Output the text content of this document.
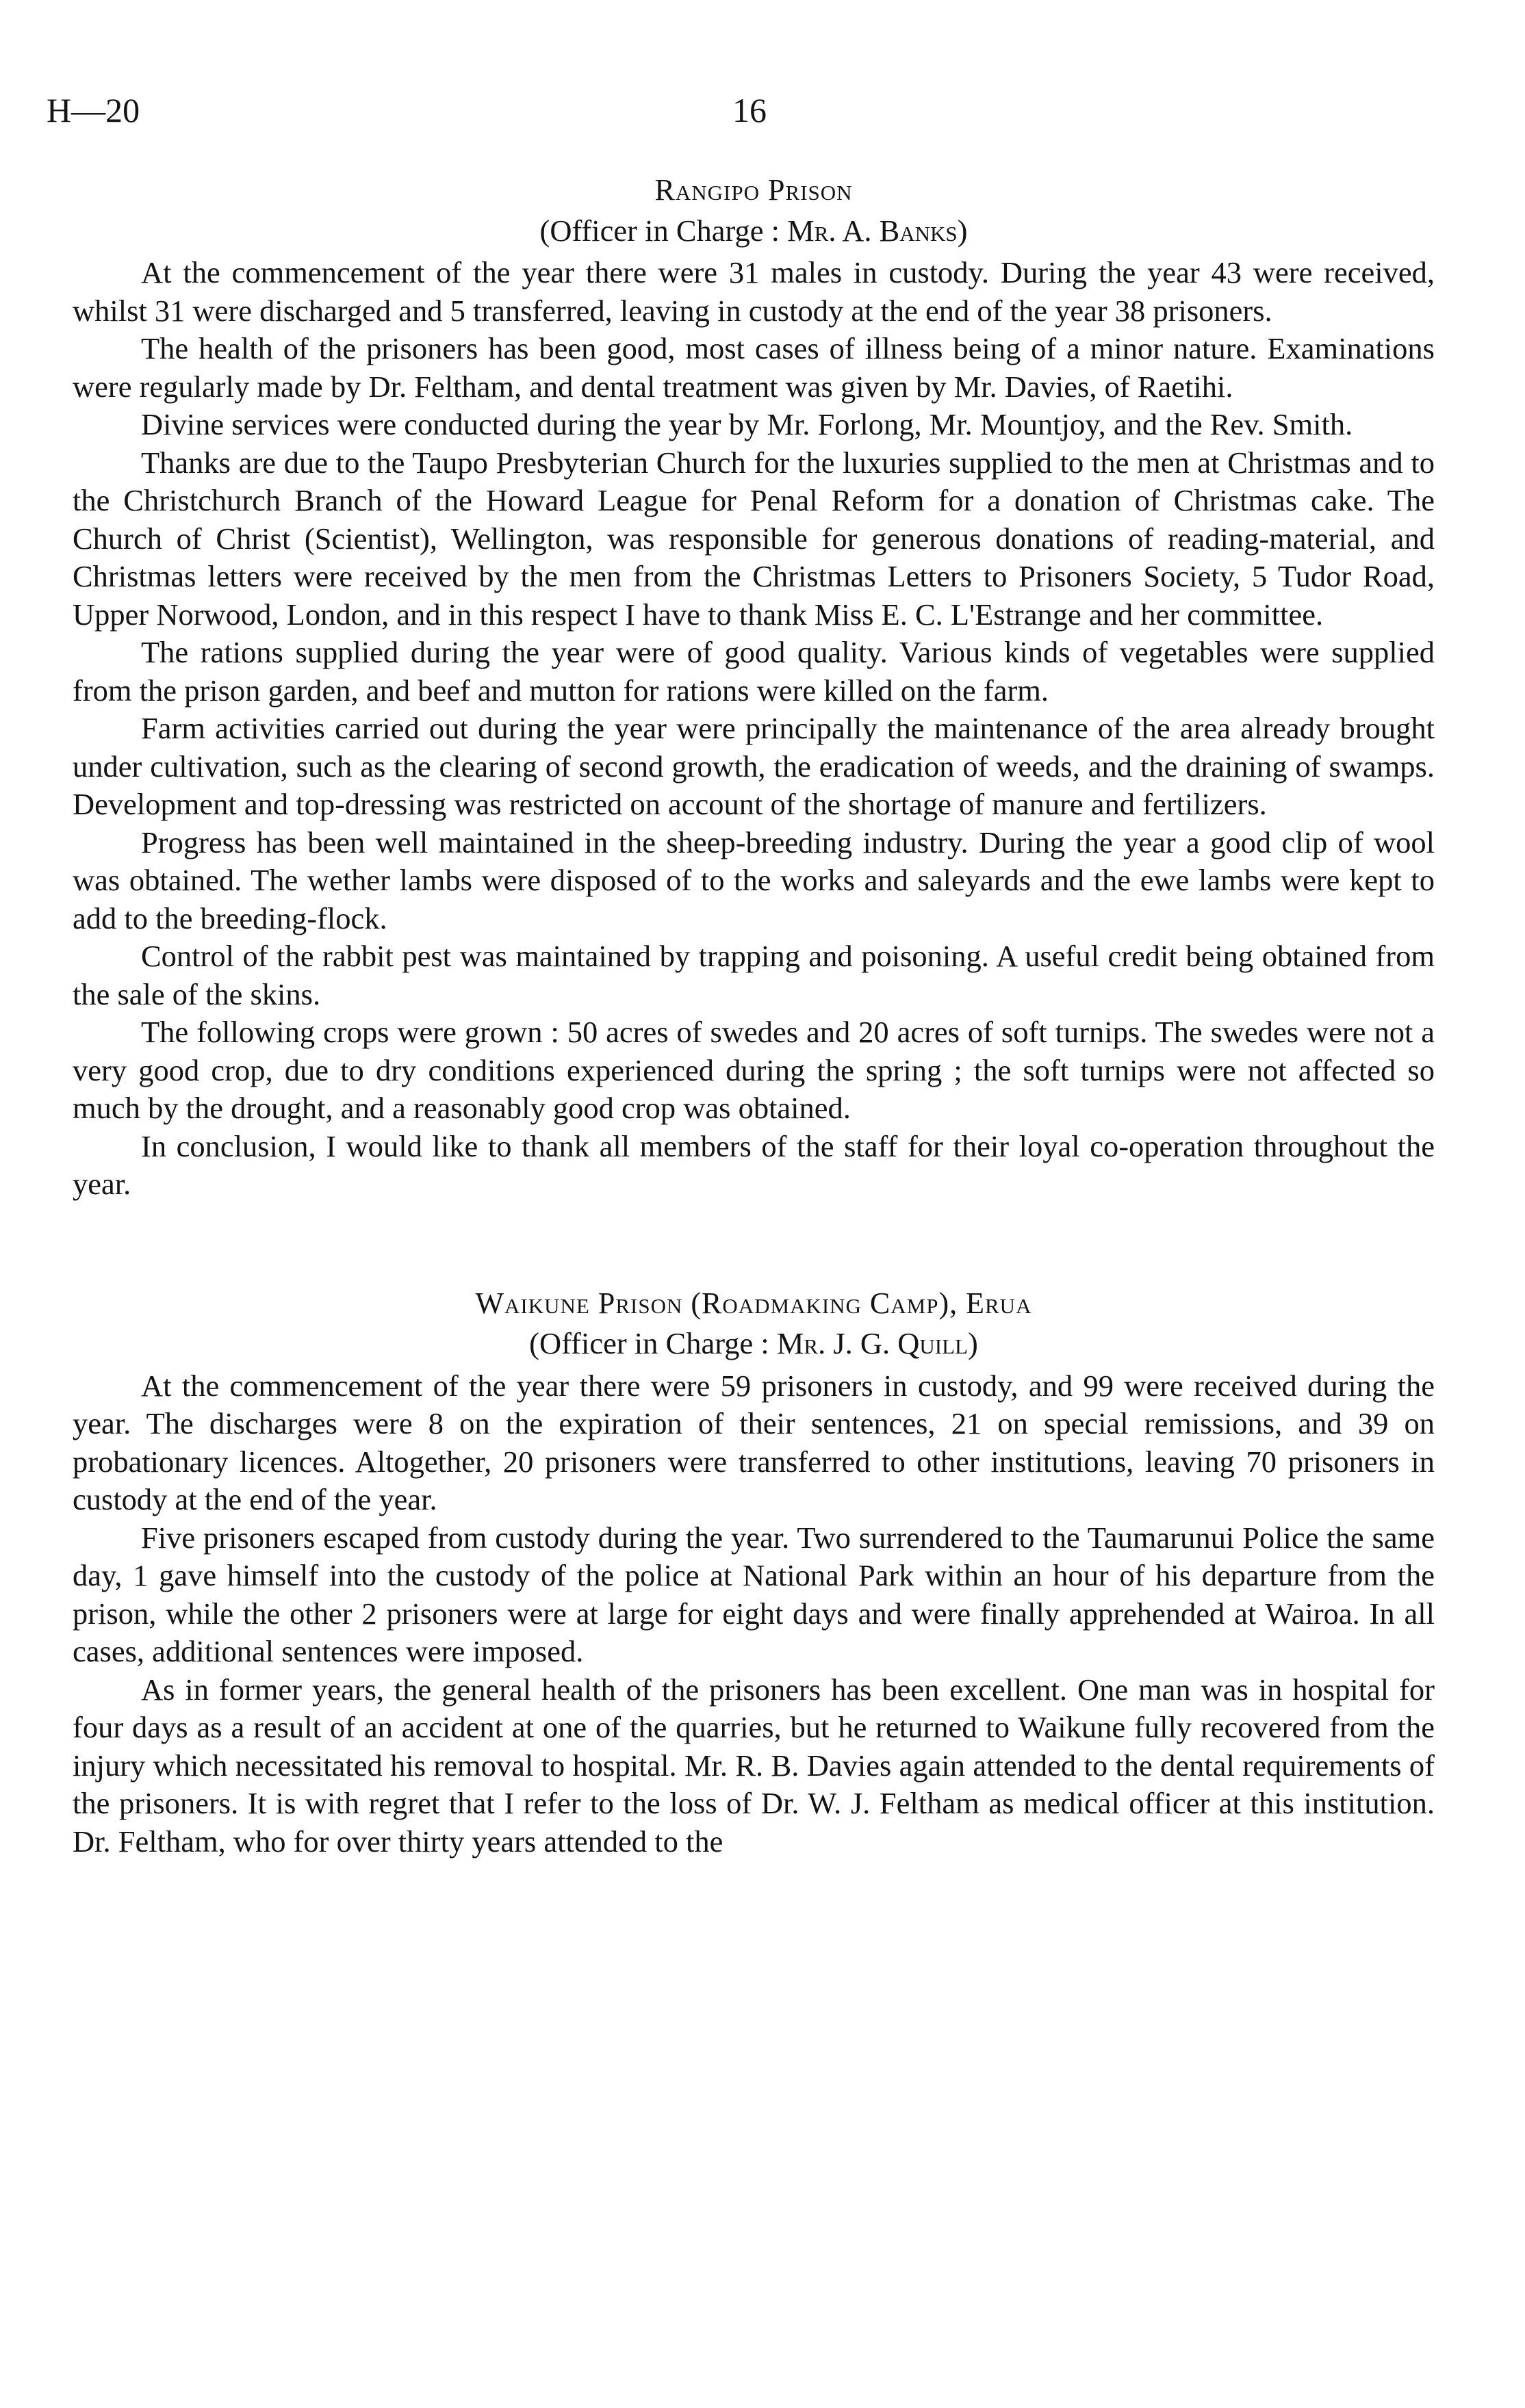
H—20	16
Rangipo Prison
(Officer in Charge : Mr. A. Banks)

At the commencement of the year there were 31 males in custody. During the year 43 were received, whilst 31 were discharged and 5 transferred, leaving in custody at the end of the year 38 prisoners.

The health of the prisoners has been good, most cases of illness being of a minor nature. Examinations were regularly made by Dr. Feltham, and dental treatment was given by Mr. Davies, of Raetihi.

Divine services were conducted during the year by Mr. Forlong, Mr. Mountjoy, and the Rev. Smith.

Thanks are due to the Taupo Presbyterian Church for the luxuries supplied to the men at Christmas and to the Christchurch Branch of the Howard League for Penal Reform for a donation of Christmas cake. The Church of Christ (Scientist), Wellington, was responsible for generous donations of reading-material, and Christmas letters were received by the men from the Christmas Letters to Prisoners Society, 5 Tudor Road, Upper Norwood, London, and in this respect I have to thank Miss E. C. L'Estrange and her committee.

The rations supplied during the year were of good quality. Various kinds of vegetables were supplied from the prison garden, and beef and mutton for rations were killed on the farm.

Farm activities carried out during the year were principally the maintenance of the area already brought under cultivation, such as the clearing of second growth, the eradication of weeds, and the draining of swamps. Development and top-dressing was restricted on account of the shortage of manure and fertilizers.

Progress has been well maintained in the sheep-breeding industry. During the year a good clip of wool was obtained. The wether lambs were disposed of to the works and saleyards and the ewe lambs were kept to add to the breeding-flock.

Control of the rabbit pest was maintained by trapping and poisoning. A useful credit being obtained from the sale of the skins.

The following crops were grown : 50 acres of swedes and 20 acres of soft turnips. The swedes were not a very good crop, due to dry conditions experienced during the spring ; the soft turnips were not affected so much by the drought, and a reasonably good crop was obtained.

In conclusion, I would like to thank all members of the staff for their loyal co-operation throughout the year.

Waikune Prison (Roadmaking Camp), Erua
(Officer in Charge : Mr. J. G. Quill)

At the commencement of the year there were 59 prisoners in custody, and 99 were received during the year. The discharges were 8 on the expiration of their sentences, 21 on special remissions, and 39 on probationary licences. Altogether, 20 prisoners were transferred to other institutions, leaving 70 prisoners in custody at the end of the year.

Five prisoners escaped from custody during the year. Two surrendered to the Taumarunui Police the same day, 1 gave himself into the custody of the police at National Park within an hour of his departure from the prison, while the other 2 prisoners were at large for eight days and were finally apprehended at Wairoa. In all cases, additional sentences were imposed.

As in former years, the general health of the prisoners has been excellent. One man was in hospital for four days as a result of an accident at one of the quarries, but he returned to Waikune fully recovered from the injury which necessitated his removal to hospital. Mr. R. B. Davies again attended to the dental requirements of the prisoners. It is with regret that I refer to the loss of Dr. W. J. Feltham as medical officer at this institution. Dr. Feltham, who for over thirty years attended to the
